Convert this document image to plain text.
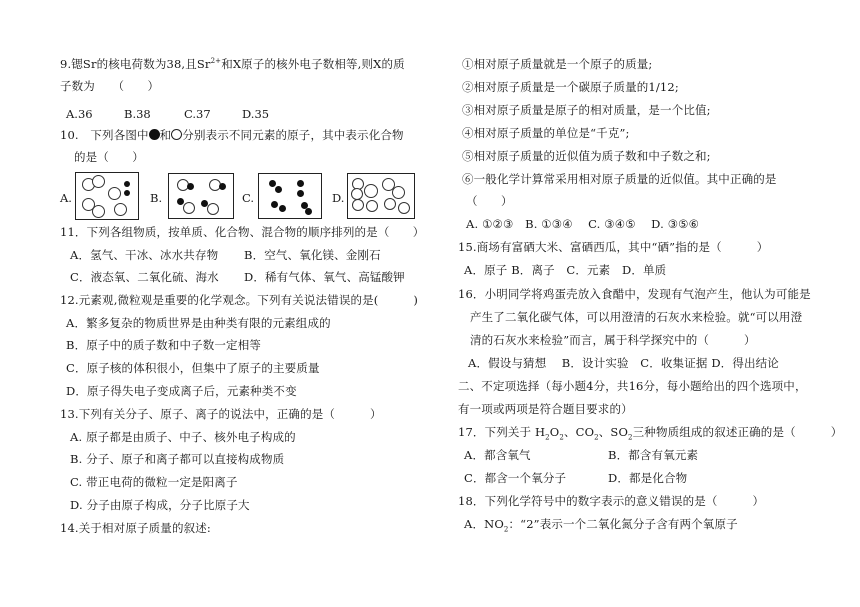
9.锶Sr的核电荷数为38,且$Sr^{2+}$和X原子的核外电子数相等,则X的质
子数为　　（　　）
A.36	B.38	C.37	D.35
10.　下列各图中 和 分别表示不同元素的原子，其中表示化合物
的是（　　）
A.	B.	C.	D.
11．下列各组物质，按单质、化合物、混合物的顺序排列的是（　　）
A．氢气、干冰、冰水共存物 B．空气、氧化镁、金刚石
C．液态氧、二氧化硫、海水 D．稀有气体、氧气、高锰酸钾
12.元素观,微粒观是重要的化学观念。下列有关说法错误的是(　　　)
A．繁多复杂的物质世界是由种类有限的元素组成的
B．原子中的质子数和中子数一定相等
C．原子核的体积很小，但集中了原子的主要质量
D．原子得失电子变成离子后，元素种类不变
13.下列有关分子、原子、离子的说法中，正确的是（　　　）
A. 原子都是由质子、中子、核外电子构成的
B. 分子、原子和离子都可以直接构成物质
C. 带正电荷的微粒一定是阳离子
D. 分子由原子构成，分子比原子大
14.关于相对原子质量的叙述:
①相对原子质量就是一个原子的质量;
②相对原子质量是一个碳原子质量的1/12;
③相对原子质量是原子的相对质量，是一个比值;
④相对原子质量的单位是“千克”;
⑤相对原子质量的近似值为质子数和中子数之和;
⑥一般化学计算常采用相对原子质量的近似值。其中正确的是
（　　）
A. ①②③　B. ①③④　 C. ③④⑤　 D. ③⑤⑥
15.商场有富硒大米、富硒西瓜，其中“硒”指的是（　　　）
A．原子 B．离子　C．元素　D．单质
16．小明同学将鸡蛋壳放入食醋中，发现有气泡产生，他认为可能是
产生了二氧化碳气体，可以用澄清的石灰水来检验。就“可以用澄
清的石灰水来检验”而言，属于科学探究中的（　　　）
A．假设与猜想　 B．设计实验　C．收集证据 D．得出结论
二、不定项选择（每小题4分，共16分，每小题给出的四个选项中，
有一项或两项是符合题目要求的）
17．下列关于 $H_2O_2$、$CO_2$、$SO_2$三种物质组成的叙述正确的是（　　　）
A．都含氧气	B．都含有氧元素
C．都含一个氧分子	D．都是化合物
18．下列化学符号中的数字表示的意义错误的是（　　　）
A．$NO_2$：“2”表示一个二氧化氮分子含有两个氧原子
